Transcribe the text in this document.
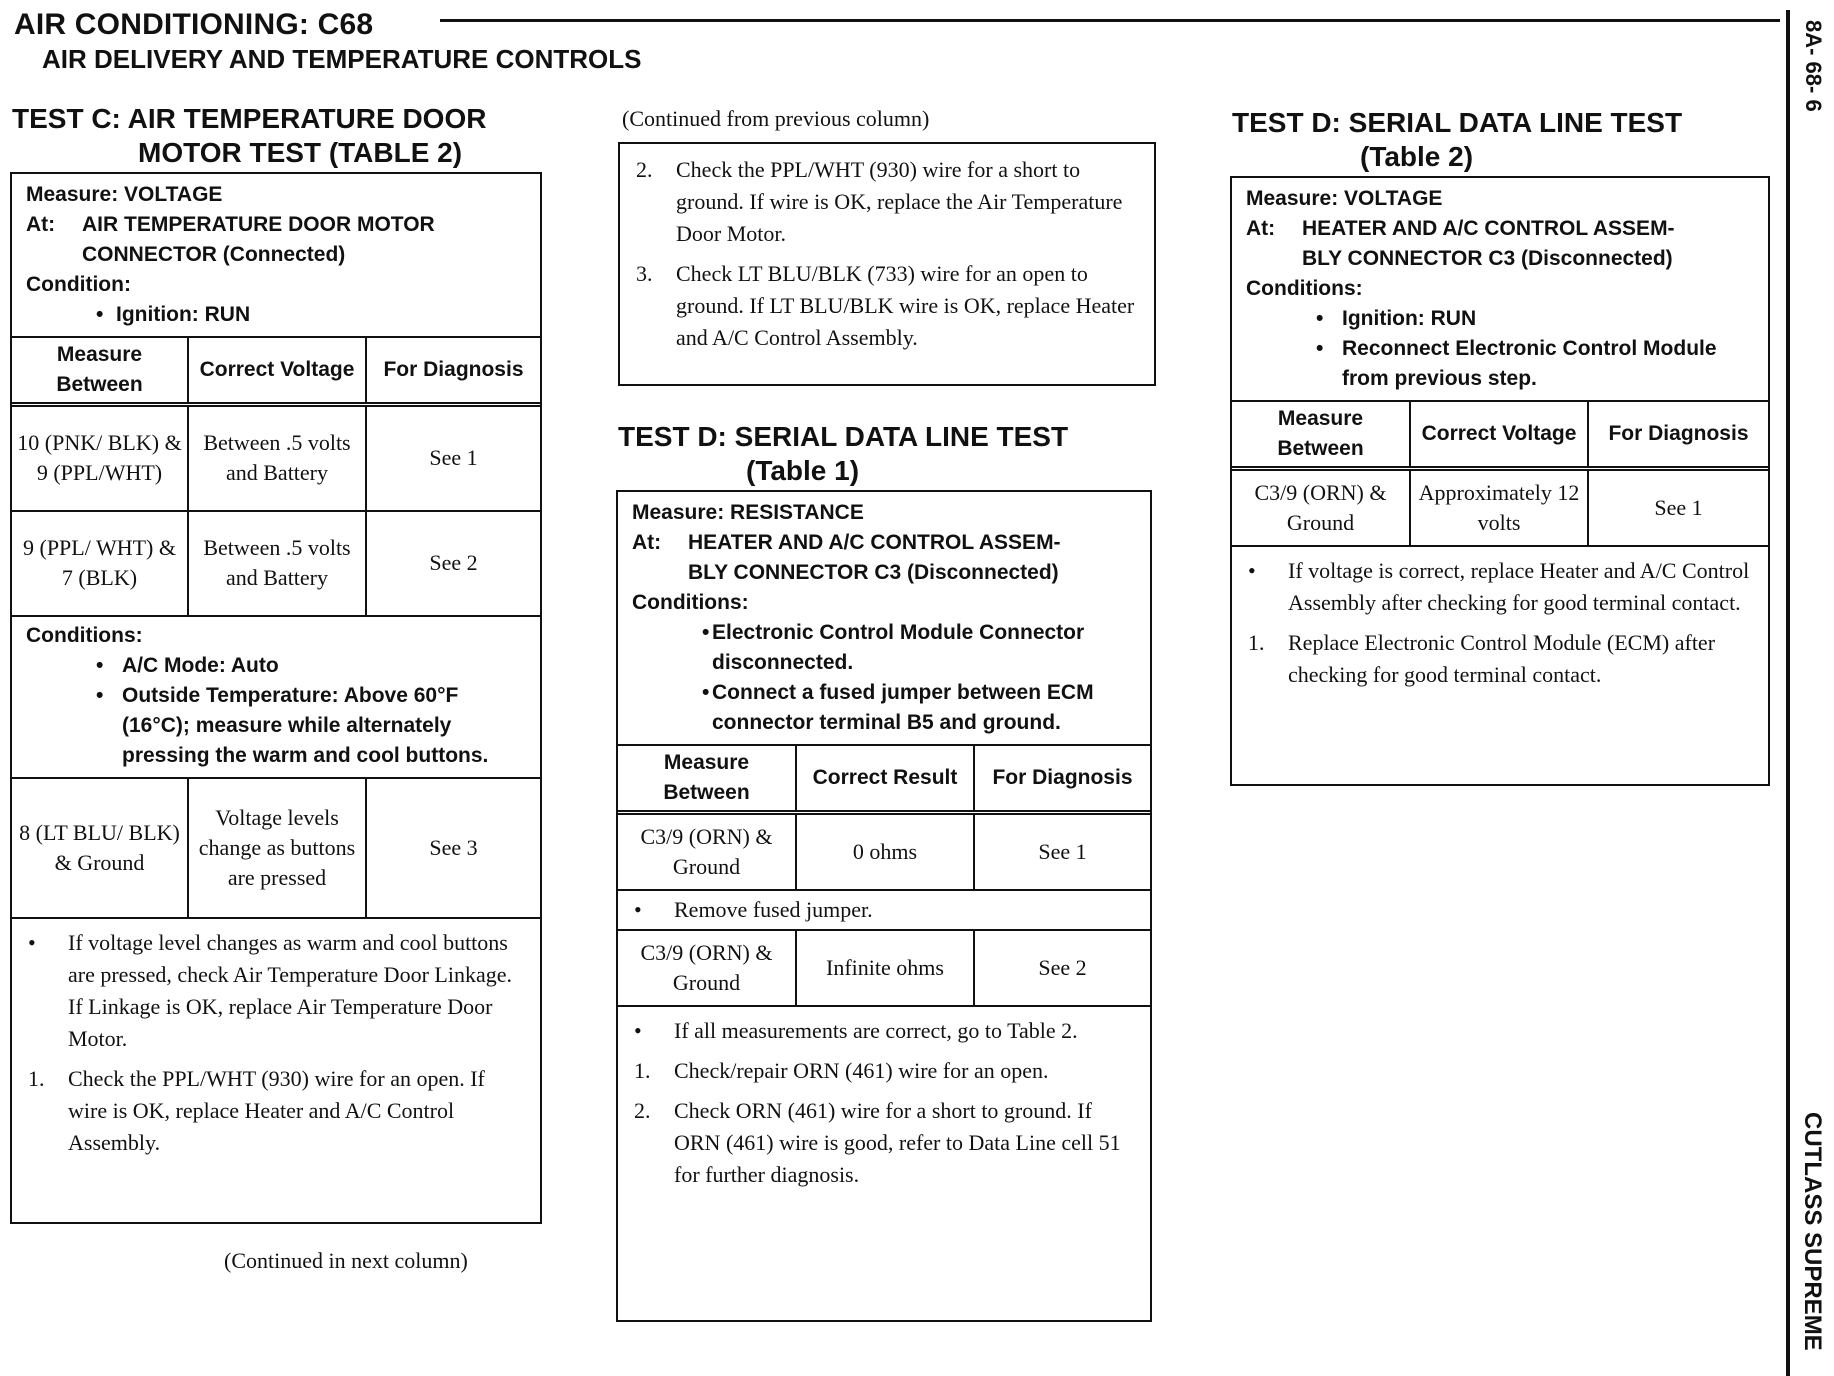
AIR CONDITIONING: C68
AIR DELIVERY AND TEMPERATURE CONTROLS	8A- 68- 6
CUTLASS SUPREME
TEST C: AIR TEMPERATURE DOOR
MOTOR TEST (TABLE 2)
Measure: VOLTAGE
At: AIR TEMPERATURE DOOR MOTOR
CONNECTOR (Connected)
Condition:
• Ignition: RUN
Measure Between	Correct Voltage	For Diagnosis
10 (PNK/ BLK) & 9 (PPL/WHT)	Between .5 volts and Battery	See 1
9 (PPL/ WHT) & 7 (BLK)	Between .5 volts and Battery	See 2
Conditions:
• A/C Mode: Auto
• Outside Temperature: Above 60°F (16°C); measure while alternately pressing the warm and cool buttons.
8 (LT BLU/ BLK) & Ground	Voltage levels change as buttons are pressed	See 3
• If voltage level changes as warm and cool buttons are pressed, check Air Temperature Door Linkage. If Linkage is OK, replace Air Temperature Door Motor.
1. Check the PPL/WHT (930) wire for an open. If wire is OK, replace Heater and A/C Control Assembly.
(Continued in next column)
(Continued from previous column)
2. Check the PPL/WHT (930) wire for a short to ground. If wire is OK, replace the Air Temperature Door Motor.
3. Check LT BLU/BLK (733) wire for an open to ground. If LT BLU/BLK wire is OK, replace Heater and A/C Control Assembly.
TEST D: SERIAL DATA LINE TEST
(Table 1)
Measure: RESISTANCE
At: HEATER AND A/C CONTROL ASSEM-
BLY CONNECTOR C3 (Disconnected)
Conditions:
• Electronic Control Module Connector disconnected.
• Connect a fused jumper between ECM connector terminal B5 and ground.
Measure Between	Correct Result	For Diagnosis
C3/9 (ORN) & Ground	0 ohms	See 1
• Remove fused jumper.
C3/9 (ORN) & Ground	Infinite ohms	See 2
• If all measurements are correct, go to Table 2.
1. Check/repair ORN (461) wire for an open.
2. Check ORN (461) wire for a short to ground. If ORN (461) wire is good, refer to Data Line cell 51 for further diagnosis.
TEST D: SERIAL DATA LINE TEST
(Table 2)
Measure: VOLTAGE
At: HEATER AND A/C CONTROL ASSEM-
BLY CONNECTOR C3 (Disconnected)
Conditions:
• Ignition: RUN
• Reconnect Electronic Control Module from previous step.
Measure Between	Correct Voltage	For Diagnosis
C3/9 (ORN) & Ground	Approximately 12 volts	See 1
• If voltage is correct, replace Heater and A/C Control Assembly after checking for good terminal contact.
1. Replace Electronic Control Module (ECM) after checking for good terminal contact.
